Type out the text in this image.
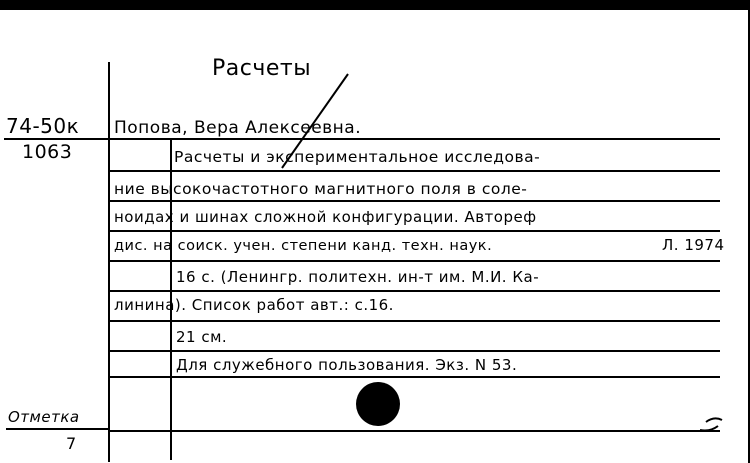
Расчеты
74-50к
1063
Попова, Вера Алексеевна.
Расчеты и экспериментальное исследова-
ние высокочастотного магнитного поля в соле-
ноидах и шинах сложной конфигурации. Автореф
дис. на соиск. учен. степени канд. техн. наук.	Л. 1974
16 с. (Ленингр. политехн. ин-т им. М.И. Ка-
линина). Список работ авт.: с.16.
21 см.
Для служебного пользования. Экз. N 53.
Отметка
7
